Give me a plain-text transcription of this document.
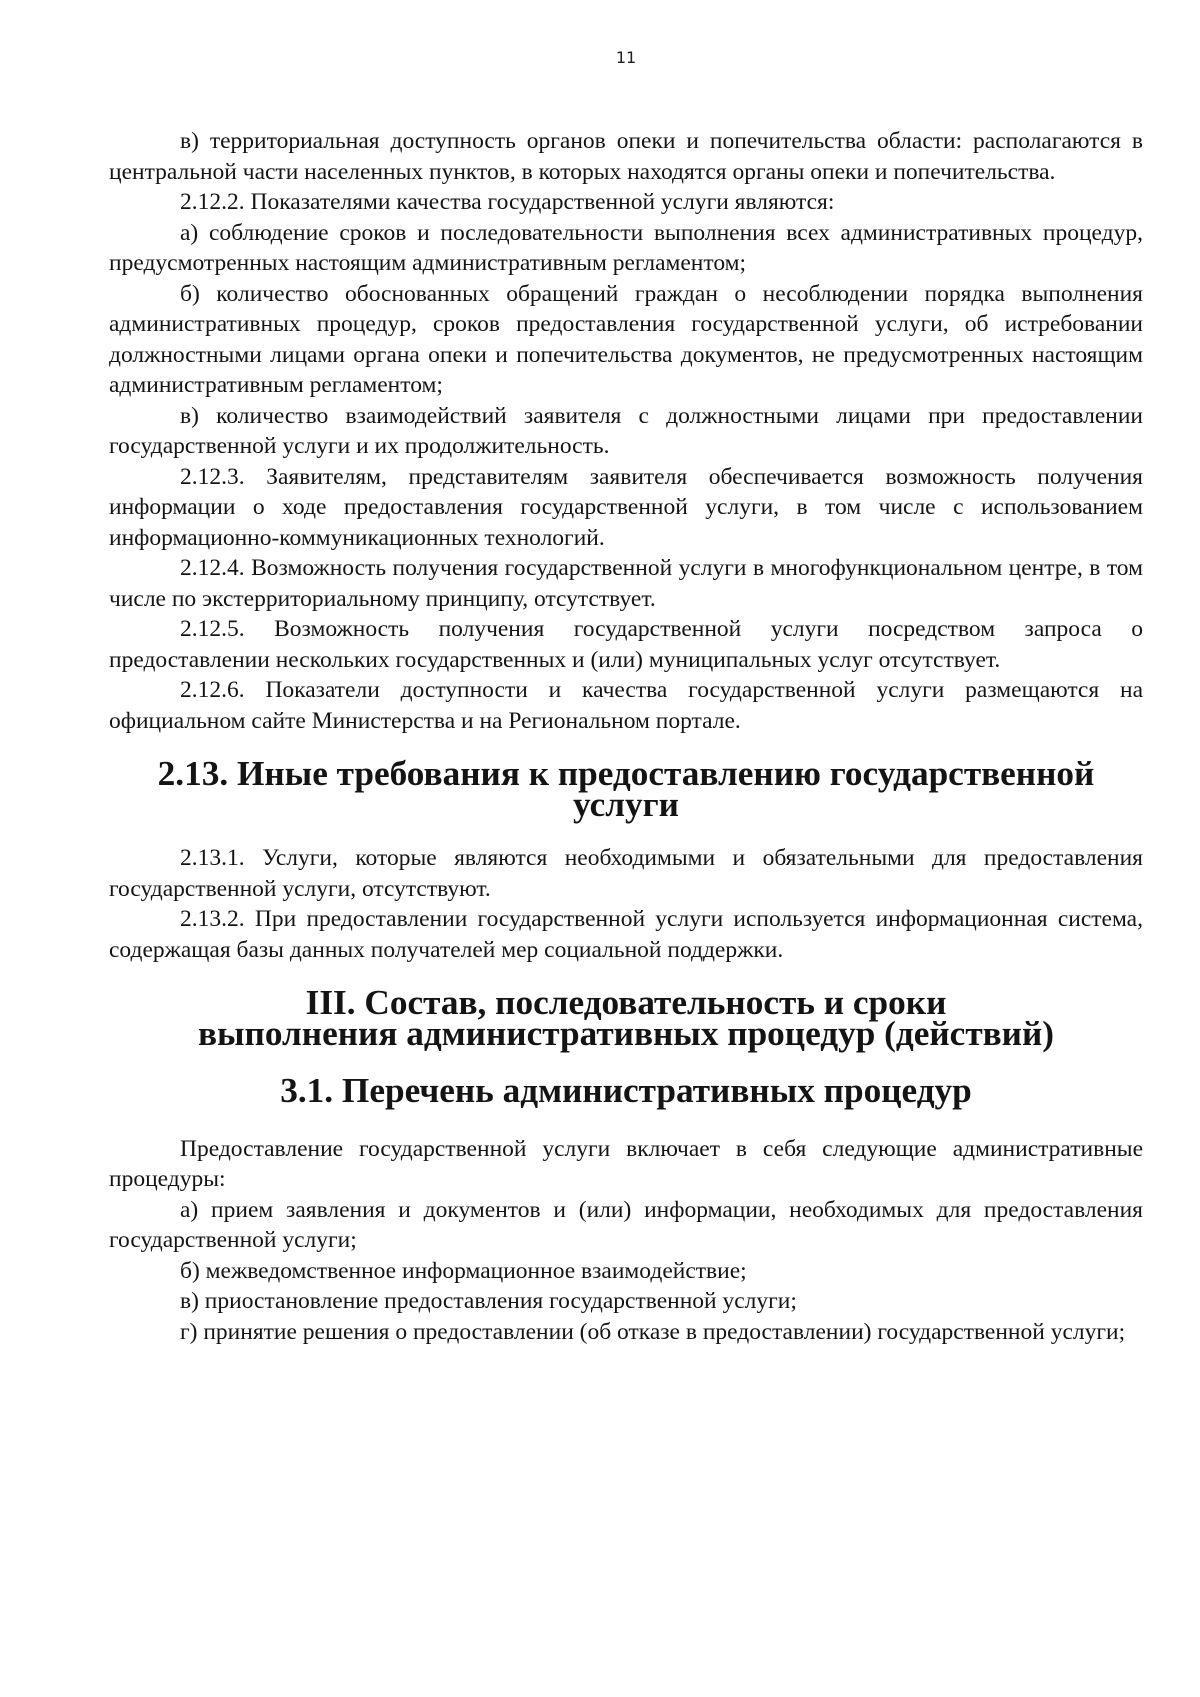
11

в) территориальная доступность органов опеки и попечительства области: располагаются в центральной части населенных пунктов, в которых находятся органы опеки и попечительства.

2.12.2. Показателями качества государственной услуги являются:

а) соблюдение сроков и последовательности выполнения всех административных процедур, предусмотренных настоящим административным регламентом;

б) количество обоснованных обращений граждан о несоблюдении порядка выполнения административных процедур, сроков предоставления государственной услуги, об истребовании должностными лицами органа опеки и попечительства документов, не предусмотренных настоящим административным регламентом;

в) количество взаимодействий заявителя с должностными лицами при предоставлении государственной услуги и их продолжительность.

2.12.3. Заявителям, представителям заявителя обеспечивается возможность получения информации о ходе предоставления государственной услуги, в том числе с использованием информационно-коммуникационных технологий.

2.12.4. Возможность получения государственной услуги в многофункциональном центре, в том числе по экстерриториальному принципу, отсутствует.

2.12.5. Возможность получения государственной услуги посредством запроса о предоставлении нескольких государственных и (или) муниципальных услуг отсутствует.

2.12.6. Показатели доступности и качества государственной услуги размещаются на официальном сайте Министерства и на Региональном портале.

2.13. Иные требования к предоставлению государственной услуги

2.13.1. Услуги, которые являются необходимыми и обязательными для предоставления государственной услуги, отсутствуют.

2.13.2. При предоставлении государственной услуги используется информационная система, содержащая базы данных получателей мер социальной поддержки.

III. Состав, последовательность и сроки
выполнения административных процедур (действий)
3.1. Перечень административных процедур

Предоставление государственной услуги включает в себя следующие административные процедуры:

а) прием заявления и документов и (или) информации, необходимых для предоставления государственной услуги;

б) межведомственное информационное взаимодействие;

в) приостановление предоставления государственной услуги;

г) принятие решения о предоставлении (об отказе в предоставлении) государственной услуги;
